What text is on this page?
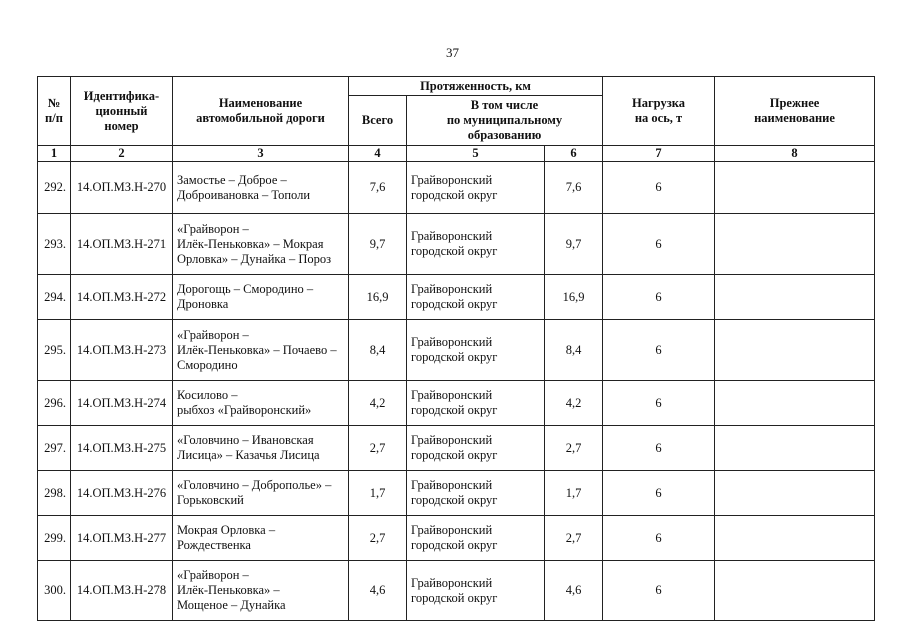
37
№
п/п	Идентифика-
ционный
номер	Наименование
автомобильной дороги	Протяженность, км			Нагрузка
на ось, т	Прежнее
наименование
			Всего	В том числе
по муниципальному
образованию			
1	2	3	4	5	6	7	8
292.	14.ОП.МЗ.Н-270	Замостье – Доброе –
Доброивановка – Тополи	7,6	Грайворонский
городской округ	7,6	6	
293.	14.ОП.МЗ.Н-271	«Грайворон –
Илёк-Пеньковка» – Мокрая
Орловка» – Дунайка – Пороз	9,7	Грайворонский
городской округ	9,7	6	
294.	14.ОП.МЗ.Н-272	Дорогощь – Смородино –
Дроновка	16,9	Грайворонский
городской округ	16,9	6	
295.	14.ОП.МЗ.Н-273	«Грайворон –
Илёк-Пеньковка» – Почаево –
Смородино	8,4	Грайворонский
городской округ	8,4	6	
296.	14.ОП.МЗ.Н-274	Косилово –
рыбхоз «Грайворонский»	4,2	Грайворонский
городской округ	4,2	6	
297.	14.ОП.МЗ.Н-275	«Головчино – Ивановская
Лисица» – Казачья Лисица	2,7	Грайворонский
городской округ	2,7	6	
298.	14.ОП.МЗ.Н-276	«Головчино – Доброполье» –
Горьковский	1,7	Грайворонский
городской округ	1,7	6	
299.	14.ОП.МЗ.Н-277	Мокрая Орловка –
Рождественка	2,7	Грайворонский
городской округ	2,7	6	
300.	14.ОП.МЗ.Н-278	«Грайворон –
Илёк-Пеньковка» –
Мощеное – Дунайка	4,6	Грайворонский
городской округ	4,6	6	
